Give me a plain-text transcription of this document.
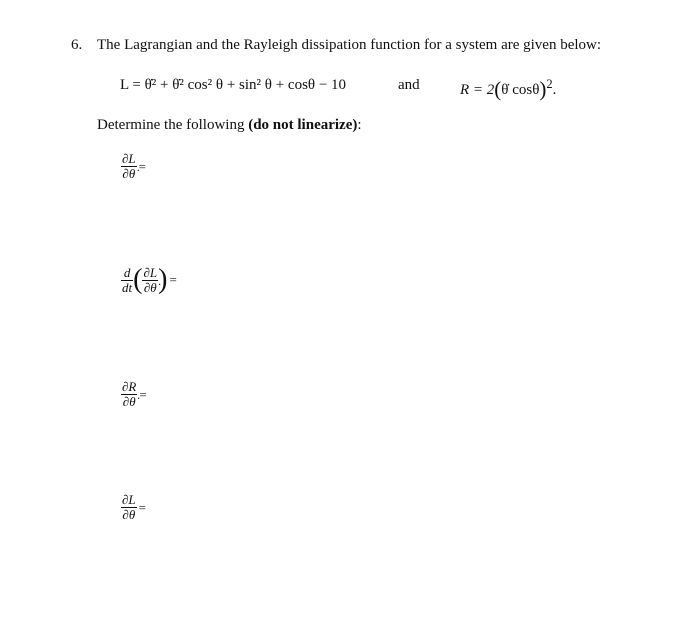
6. The Lagrangian and the Rayleigh dissipation function for a system are given below:
L = θ̇² + θ̇² cos² θ + sin² θ + cosθ − 10	and	R = 2(θ̇ cosθ)$^2$.
Determine the following (do not linearize):
$\frac{\partial L}{\partial\thetȧ}$ =
$\frac{d}{dt}$ ( $\frac{\partial L}{\partial\thetȧ}$ ) =
$\frac{\partial R}{\partial\thetȧ}$ =
$\frac{\partial L}{\partial\theta}$ =
